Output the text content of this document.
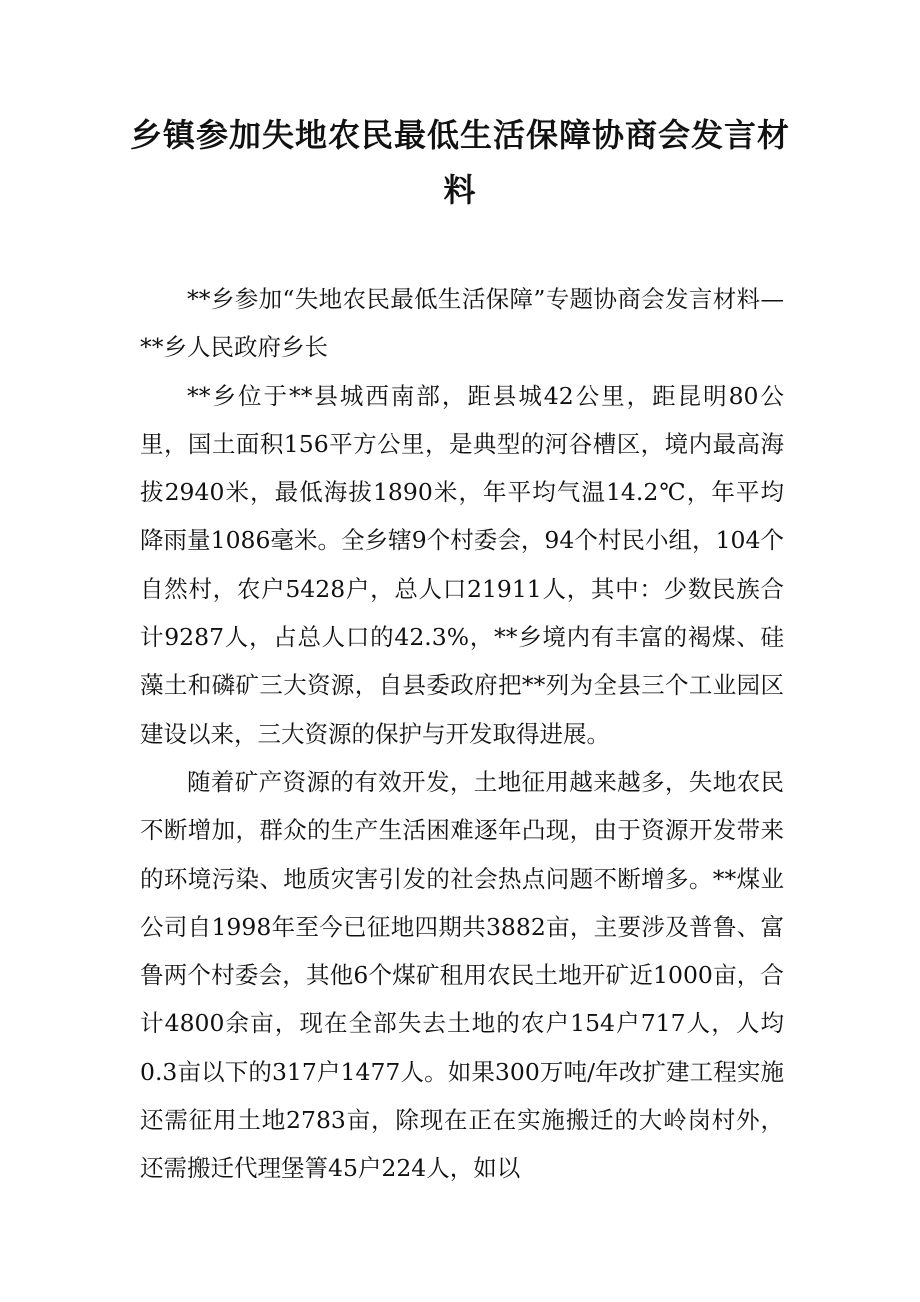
乡镇参加失地农民最低生活保障协商会发言材料

**乡参加“失地农民最低生活保障”专题协商会发言材料—**乡人民政府乡长

**乡位于**县城西南部，距县城42公里，距昆明80公里，国土面积156平方公里，是典型的河谷槽区，境内最高海拔2940米，最低海拔1890米，年平均气温14.2℃，年平均降雨量1086毫米。全乡辖9个村委会，94个村民小组，104个自然村，农户5428户，总人口21911人，其中：少数民族合计9287人，占总人口的42.3%，**乡境内有丰富的褐煤、硅藻土和磷矿三大资源，自县委政府把**列为全县三个工业园区建设以来，三大资源的保护与开发取得进展。

随着矿产资源的有效开发，土地征用越来越多，失地农民不断增加，群众的生产生活困难逐年凸现，由于资源开发带来的环境污染、地质灾害引发的社会热点问题不断增多。**煤业公司自1998年至今已征地四期共3882亩，主要涉及普鲁、富鲁两个村委会，其他6个煤矿租用农民土地开矿近1000亩，合计4800余亩，现在全部失去土地的农户154户717人，人均0.3亩以下的317户1477人。如果300万吨/年改扩建工程实施还需征用土地2783亩，除现在正在实施搬迁的大岭岗村外，还需搬迁代理堡箐45户224人，如以
